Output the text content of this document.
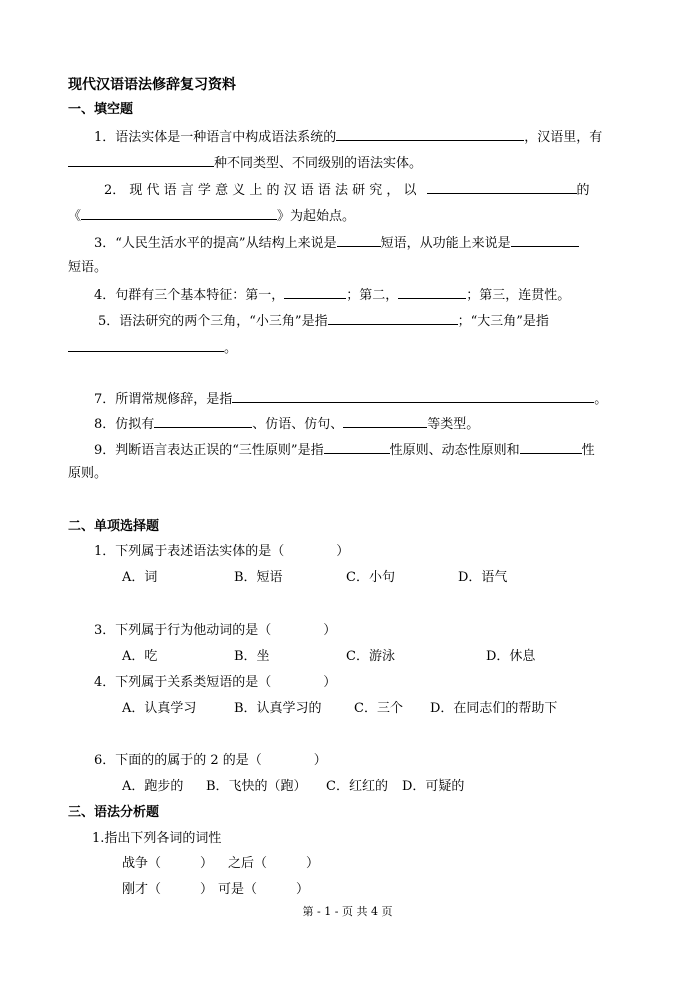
现代汉语语法修辞复习资料
一、填空题
1．语法实体是一种语言中构成语法系统的	，汉语里，有
种不同类型、不同级别的语法实体。
2． 现 代 语 言 学 意 义 上 的 汉 语 语 法 研 究 ， 以	的
《	》为起始点。
3．“人民生活水平的提高”从结构上来说是	短语，从功能上来说是
短语。
4．句群有三个基本特征：第一，	；第二，	；第三，连贯性。
5．语法研究的两个三角，“小三角”是指	；“大三角”是指
。
7．所谓常规修辞，是指	。
8．仿拟有	、仿语、仿句、	等类型。
9．判断语言表达正误的“三性原则”是指	性原则、动态性原则和	性
原则。
二、单项选择题
1．下列属于表述语法实体的是（　　　　）
A．词	B．短语	C．小句	D．语气
3．下列属于行为他动词的是（　　　　）
A．吃	B．坐	C．游泳	D．休息
4．下列属于关系类短语的是（　　　　）
A．认真学习	B．认真学习的 C．三个 D．在同志们的帮助下
6．下面的的属于的 2 的是（　　　　）
A．跑步的 B．飞快的（跑） C．红红的 D．可疑的
三、语法分析题
1.指出下列各词的词性
战争（　　　） 之后（　　　）
刚才（　　　） 可是（　　　）
第 - 1 - 页 共 4 页
